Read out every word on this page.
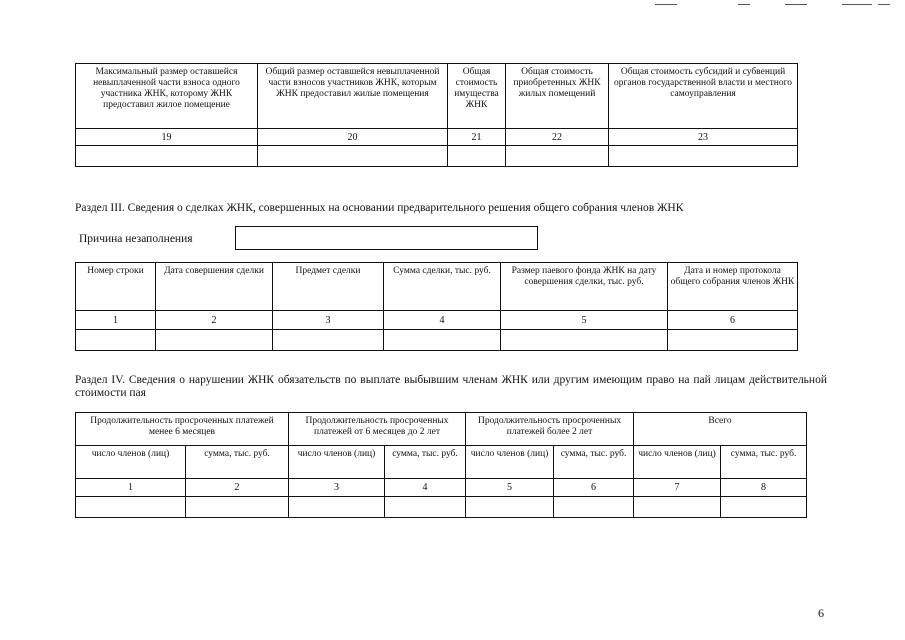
Максимальный размер оставшейся невыплаченной части взноса одного участника ЖНК, которому ЖНК предоставил жилое помещение	Общий размер оставшейся невыплаченной части взносов участников ЖНК, которым ЖНК предоставил жилые помещения	Общая стоимость имущества ЖНК	Общая стоимость приобретенных ЖНК жилых помещений	Общая стоимость субсидий и субвенций органов государственной власти и местного самоуправления
19	20	21	22	23

Раздел III. Сведения о сделках ЖНК, совершенных на основании предварительного решения общего собрания членов ЖНК

Причина незаполнения
Номер строки	Дата совершения сделки	Предмет сделки	Сумма сделки, тыс. руб.	Размер паевого фонда ЖНК на дату совершения сделки, тыс. руб.	Дата и номер протокола общего собрания членов ЖНК
1	2	3	4	5	6

Раздел IV. Сведения о нарушении ЖНК обязательств по выплате выбывшим членам ЖНК или другим имеющим право на пай лицам действительной стоимости пая

Продолжительность просроченных платежей менее 6 месяцев		Продолжительность просроченных платежей от 6 месяцев до 2 лет		Продолжительность просроченных платежей более 2 лет		Всего	
число членов (лиц)	сумма, тыс. руб.	число членов (лиц)	сумма, тыс. руб.	число членов (лиц)	сумма, тыс. руб.	число членов (лиц)	сумма, тыс. руб.
1	2	3	4	5	6	7	8

6
